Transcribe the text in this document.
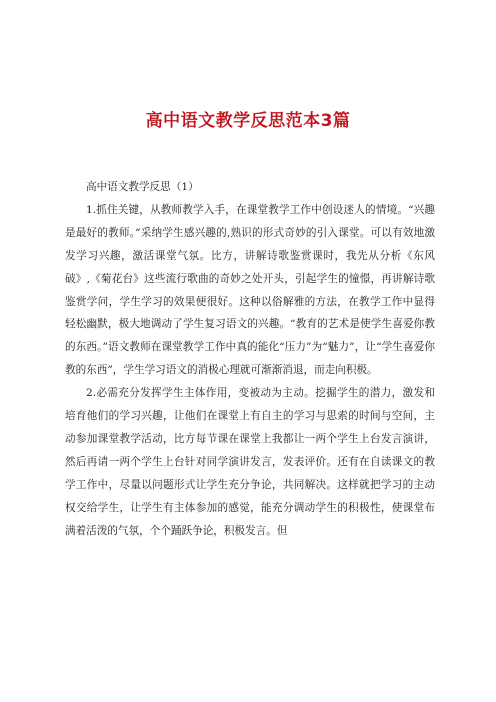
高中语文教学反思范本3篇

高中语文教学反思（1）

1.抓住关键，从教师教学入手，在课堂教学工作中创设迷人的情境。“兴趣是最好的教师。”采纳学生感兴趣的,熟识的形式奇妙的引入课堂。可以有效地激发学习兴趣，激活课堂气氛。比方，讲解诗歌鉴赏课时，我先从分析《东风破》,《菊花台》这些流行歌曲的奇妙之处开头，引起学生的憧憬，再讲解诗歌鉴赏学问，学生学习的效果便很好。这种以俗解雅的方法，在教学工作中显得轻松幽默，极大地调动了学生复习语文的兴趣。“教育的艺术是使学生喜爱你教的东西。”语文教师在课堂教学工作中真的能化“压力”为“魅力”，让“学生喜爱你教的东西”，学生学习语文的消极心理就可渐渐消退，而走向积极。

2.必需充分发挥学生主体作用，变被动为主动。挖掘学生的潜力，激发和培育他们的学习兴趣，让他们在课堂上有自主的学习与思索的时间与空间，主动参加课堂教学活动，比方每节课在课堂上我都让一两个学生上台发言演讲，然后再请一两个学生上台针对同学演讲发言，发表评价。还有在自读课文的教学工作中，尽量以问题形式让学生充分争论，共同解决。这样就把学习的主动权交给学生，让学生有主体参加的感觉，能充分调动学生的积极性，使课堂布满着活泼的气氛，个个踊跃争论，积极发言。但
